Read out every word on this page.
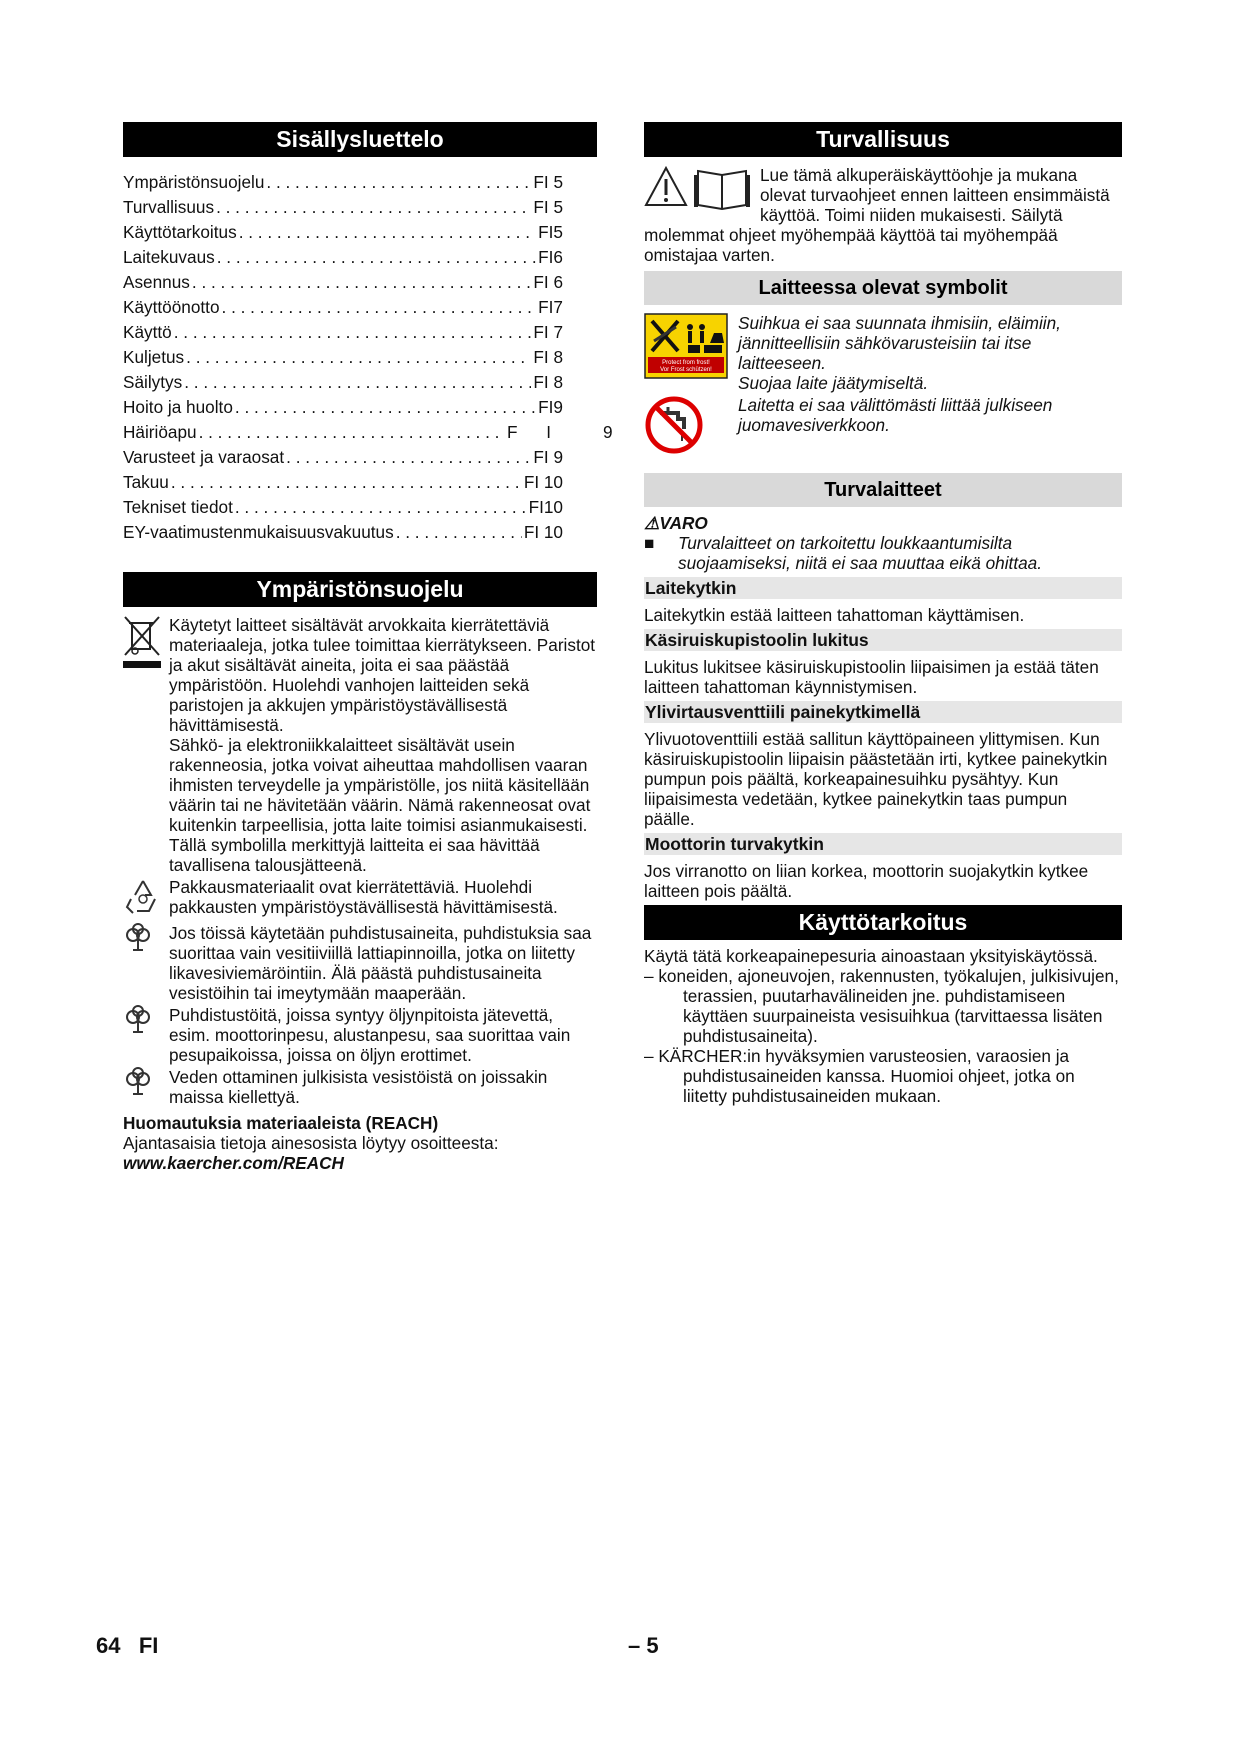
Sisällysluettelo
Ympäristönsuojelu . . .	FI 5
Turvallisuus . . .	FI 5
Käyttötarkoitus . . .	FI5
Laitekuvaus . . .	FI6
Asennus . . .	FI 6
Käyttöönotto . . .	FI7
Käyttö . . .	FI 7
Kuljetus . . .	FI 8
Säilytys . . .	FI 8
Hoito ja huolto . . .	FI9
Häiriöapu . . .	F I 9
Varusteet ja varaosat . . .	FI 9
Takuu . . .	FI 10
Tekniset tiedot . . .	FI10
EY-vaatimustenmukaisuusvakuutus . . .	FI 10
Ympäristönsuojelu

Käytetyt laitteet sisältävät arvokkaita kierrätettäviä materiaaleja, jotka tulee toimittaa kierrätykseen. Paristot ja akut sisältävät aineita, joita ei saa päästää ympäristöön. Huolehdi vanhojen laitteiden sekä paristojen ja akkujen ympäristöystävällisestä hävittämisestä.

Sähkö- ja elektroniikkalaitteet sisältävät usein rakenneosia, jotka voivat aiheuttaa mahdollisen vaaran ihmisten terveydelle ja ympäristölle, jos niitä käsitellään väärin tai ne hävitetään väärin. Nämä rakenneosat ovat kuitenkin tarpeellisia, jotta laite toimisi asianmukaisesti. Tällä symbolilla merkittyjä laitteita ei saa hävittää tavallisena talousjätteenä.

Pakkausmateriaalit ovat kierrätettäviä. Huolehdi pakkausten ympäristöystävällisestä hävittämisestä.

Jos töissä käytetään puhdistusaineita, puhdistuksia saa suorittaa vain vesitiiviillä lattiapinnoilla, jotka on liitetty likavesiviemäröintiin. Älä päästä puhdistusaineita vesistöihin tai imeytymään maaperään.

Puhdistustöitä, joissa syntyy öljynpitoista jätevettä, esim. moottorinpesu, alustanpesu, saa suorittaa vain pesupaikoissa, joissa on öljyn erottimet.

Veden ottaminen julkisista vesistöistä on joissakin maissa kiellettyä.

Huomautuksia materiaaleista (REACH)

Ajantasaisia tietoja ainesosista löytyy osoitteesta:

www.kaercher.com/REACH

Turvallisuus

Lue tämä alkuperäiskäyttöohje ja mukana olevat turvaohjeet ennen laitteen ensimmäistä käyttöä. Toimi niiden mukaisesti. Säilytä molemmat ohjeet myöhempää käyttöä tai myöhempää omistajaa varten.

Laitteessa olevat symbolit
Protect from frost!
Vor Frost schützen!

Suihkua ei saa suunnata ihmisiin, eläimiin, jännitteellisiin sähkövarusteisiin tai itse laitteeseen.

Suojaa laite jäätymiseltä.

Laitetta ei saa välittömästi liittää julkiseen juomavesiverkkoon.

Turvalaitteet

⚠VARO

■	Turvalaitteet on tarkoitettu loukkaantumisilta suojaamiseksi, niitä ei saa muuttaa eikä ohittaa.

Laitekytkin

Laitekytkin estää laitteen tahattoman käyttämisen.

Käsiruiskupistoolin lukitus

Lukitus lukitsee käsiruiskupistoolin liipaisimen ja estää täten laitteen tahattoman käynnistymisen.

Ylivirtausventtiili painekytkimellä

Ylivuotoventtiili estää sallitun käyttöpaineen ylittymisen. Kun käsiruiskupistoolin liipaisin päästetään irti, kytkee painekytkin pumpun pois päältä, korkeapainesuihku pysähtyy. Kun liipaisimesta vedetään, kytkee painekytkin taas pumpun päälle.

Moottorin turvakytkin

Jos virranotto on liian korkea, moottorin suojakytkin kytkee laitteen pois päältä.

Käyttötarkoitus

Käytä tätä korkeapainepesuria ainoastaan yksityiskäytössä.

– koneiden, ajoneuvojen, rakennusten, työkalujen, julkisivujen, terassien, puutarhavälineiden jne. puhdistamiseen käyttäen suurpaineista vesisuihkua (tarvittaessa lisäten puhdistusaineita).

– KÄRCHER:in hyväksymien varusteosien, varaosien ja puhdistusaineiden kanssa. Huomioi ohjeet, jotka on liitetty puhdistusaineiden mukaan.

64 FI	– 5
